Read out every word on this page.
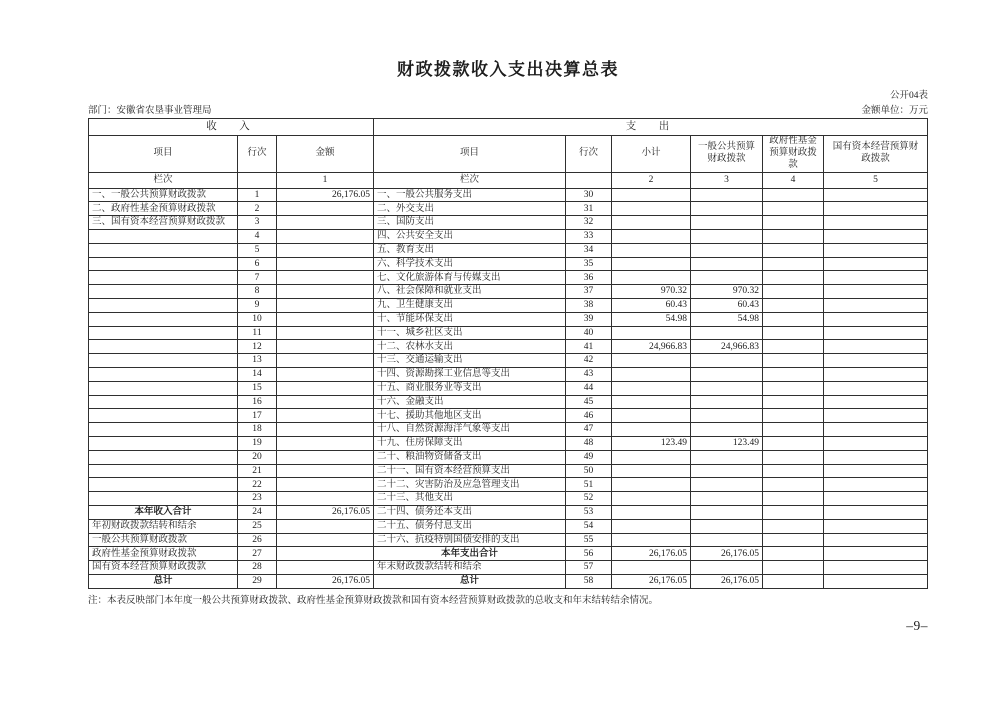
财政拨款收入支出决算总表
公开04表
部门：安徽省农垦事业管理局	金额单位：万元
收　入			支　出					
项目	行次	金额	项目	行次	小计	一般公共预算财政拨款	政府性基金预算财政拨款	国有资本经营预算财政拨款
栏次		1	栏次		2	3	4	5
一、一般公共预算财政拨款	1	26,176.05	一、一般公共服务支出	30				
二、政府性基金预算财政拨款	2		二、外交支出	31				
三、国有资本经营预算财政拨款	3		三、国防支出	32				
	4		四、公共安全支出	33				
	5		五、教育支出	34				
	6		六、科学技术支出	35				
	7		七、文化旅游体育与传媒支出	36				
	8		八、社会保障和就业支出	37	970.32	970.32		
	9		九、卫生健康支出	38	60.43	60.43		
	10		十、节能环保支出	39	54.98	54.98		
	11		十一、城乡社区支出	40				
	12		十二、农林水支出	41	24,966.83	24,966.83		
	13		十三、交通运输支出	42				
	14		十四、资源勘探工业信息等支出	43				
	15		十五、商业服务业等支出	44				
	16		十六、金融支出	45				
	17		十七、援助其他地区支出	46				
	18		十八、自然资源海洋气象等支出	47				
	19		十九、住房保障支出	48	123.49	123.49		
	20		二十、粮油物资储备支出	49				
	21		二十一、国有资本经营预算支出	50				
	22		二十二、灾害防治及应急管理支出	51				
	23		二十三、其他支出	52				
本年收入合计	24	26,176.05	二十四、债务还本支出	53				
年初财政拨款结转和结余	25		二十五、债务付息支出	54				
一般公共预算财政拨款	26		二十六、抗疫特别国债安排的支出	55				
政府性基金预算财政拨款	27		本年支出合计	56	26,176.05	26,176.05		
国有资本经营预算财政拨款	28		年末财政拨款结转和结余	57				
总计	29	26,176.05	总计	58	26,176.05	26,176.05		
注：本表反映部门本年度一般公共预算财政拨款、政府性基金预算财政拨款和国有资本经营预算财政拨款的总收支和年末结转结余情况。
–9–
